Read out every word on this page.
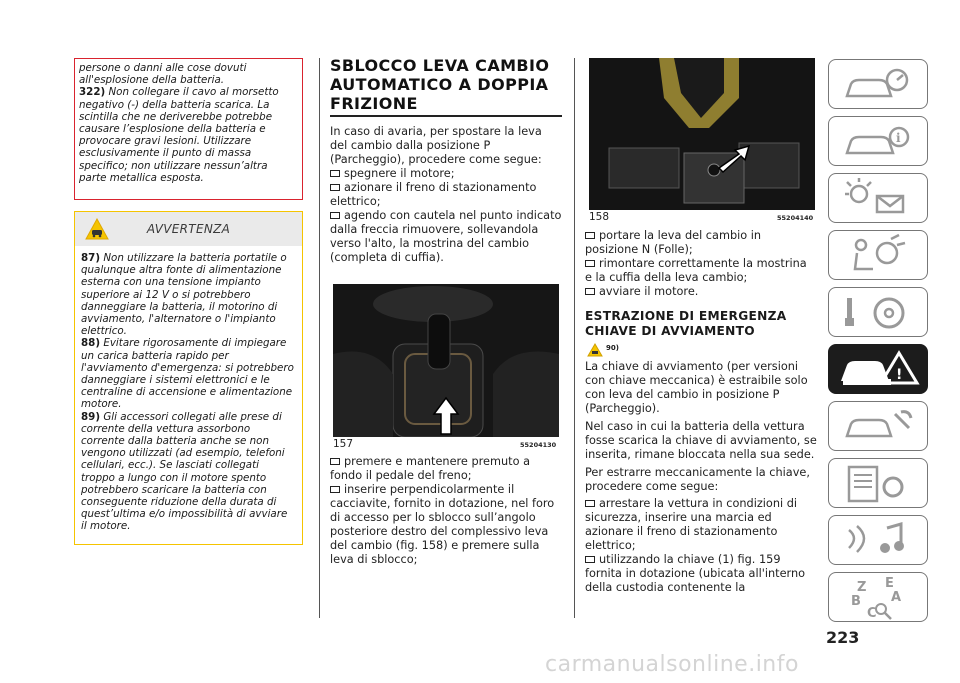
persone o danni alle cose dovuti all'esplosione della batteria.
322) Non collegare il cavo al morsetto negativo (-) della batteria scarica. La scintilla che ne deriverebbe potrebbe causare l’esplosione della batteria e provocare gravi lesioni. Utilizzare esclusivamente il punto di massa specifico; non utilizzare nessun’altra parte metallica esposta.
AVVERTENZA
87) Non utilizzare la batteria portatile o qualunque altra fonte di alimentazione esterna con una tensione impianto superiore ai 12 V o si potrebbero danneggiare la batteria, il motorino di avviamento, l'alternatore o l'impianto elettrico.
88) Evitare rigorosamente di impiegare un carica batteria rapido per l'avviamento d'emergenza: si potrebbero danneggiare i sistemi elettronici e le centraline di accensione e alimentazione motore.
89) Gli accessori collegati alle prese di corrente della vettura assorbono corrente dalla batteria anche se non vengono utilizzati (ad esempio, telefoni cellulari, ecc.). Se lasciati collegati troppo a lungo con il motore spento potrebbero scaricare la batteria con conseguente riduzione della durata di quest’ultima e/o impossibilità di avviare il motore.
SBLOCCO LEVA CAMBIO AUTOMATICO A DOPPIA FRIZIONE
In caso di avaria, per spostare la leva del cambio dalla posizione P (Parcheggio), procedere come segue:
spegnere il motore;
azionare il freno di stazionamento elettrico;
agendo con cautela nel punto indicato dalla freccia rimuovere, sollevandola verso l'alto, la mostrina del cambio (completa di cuffia).
157	55204130
premere e mantenere premuto a fondo il pedale del freno;
inserire perpendicolarmente il cacciavite, fornito in dotazione, nel foro di accesso per lo sblocco sull’angolo posteriore destro del complessivo leva del cambio (fig. 158) e premere sulla leva di sblocco;
158	55204140
portare la leva del cambio in posizione N (Folle);
rimontare correttamente la mostrina e la cuffia della leva cambio;
avviare il motore.
ESTRAZIONE DI EMERGENZA CHIAVE DI AVVIAMENTO
90)
La chiave di avviamento (per versioni con chiave meccanica) è estraibile solo con leva del cambio in posizione P (Parcheggio).
Nel caso in cui la batteria della vettura fosse scarica la chiave di avviamento, se inserita, rimane bloccata nella sua sede.
Per estrarre meccanicamente la chiave, procedere come segue:
arrestare la vettura in condizioni di sicurezza, inserire una marcia ed azionare il freno di stazionamento elettrico;
utilizzando la chiave (1) fig. 159 fornita in dotazione (ubicata all'interno della custodia contenente la
i
!
Z E
B A
C
223
carmanualsonline.info
